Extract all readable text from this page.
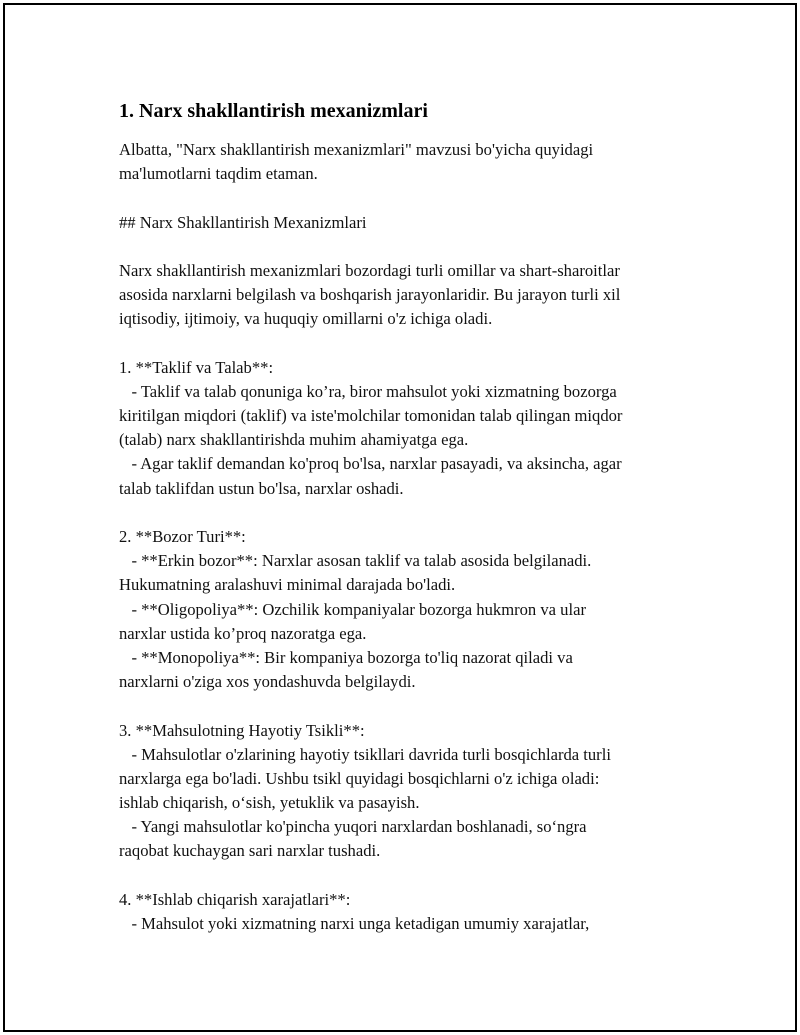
1. Narx shakllantirish mexanizmlari
Albatta, "Narx shakllantirish mexanizmlari" mavzusi bo'yicha quyidagi
ma'lumotlarni taqdim etaman.
## Narx Shakllantirish Mexanizmlari
Narx shakllantirish mexanizmlari bozordagi turli omillar va shart-sharoitlar
asosida narxlarni belgilash va boshqarish jarayonlaridir. Bu jarayon turli xil
iqtisodiy, ijtimoiy, va huquqiy omillarni o'z ichiga oladi.
1. **Taklif va Talab**:
- Taklif va talab qonuniga ko’ra, biror mahsulot yoki xizmatning bozorga
kiritilgan miqdori (taklif) va iste'molchilar tomonidan talab qilingan miqdor
(talab) narx shakllantirishda muhim ahamiyatga ega.
- Agar taklif demandan ko'proq bo'lsa, narxlar pasayadi, va aksincha, agar
talab taklifdan ustun bo'lsa, narxlar oshadi.
2. **Bozor Turi**:
- **Erkin bozor**: Narxlar asosan taklif va talab asosida belgilanadi.
Hukumatning aralashuvi minimal darajada bo'ladi.
- **Oligopoliya**: Ozchilik kompaniyalar bozorga hukmron va ular
narxlar ustida ko’proq nazoratga ega.
- **Monopoliya**: Bir kompaniya bozorga to'liq nazorat qiladi va
narxlarni o'ziga xos yondashuvda belgilaydi.
3. **Mahsulotning Hayotiy Tsikli**:
- Mahsulotlar o'zlarining hayotiy tsikllari davrida turli bosqichlarda turli
narxlarga ega bo'ladi. Ushbu tsikl quyidagi bosqichlarni o'z ichiga oladi:
ishlab chiqarish, o‘sish, yetuklik va pasayish.
- Yangi mahsulotlar ko'pincha yuqori narxlardan boshlanadi, so‘ngra
raqobat kuchaygan sari narxlar tushadi.
4. **Ishlab chiqarish xarajatlari**:
- Mahsulot yoki xizmatning narxi unga ketadigan umumiy xarajatlar,
